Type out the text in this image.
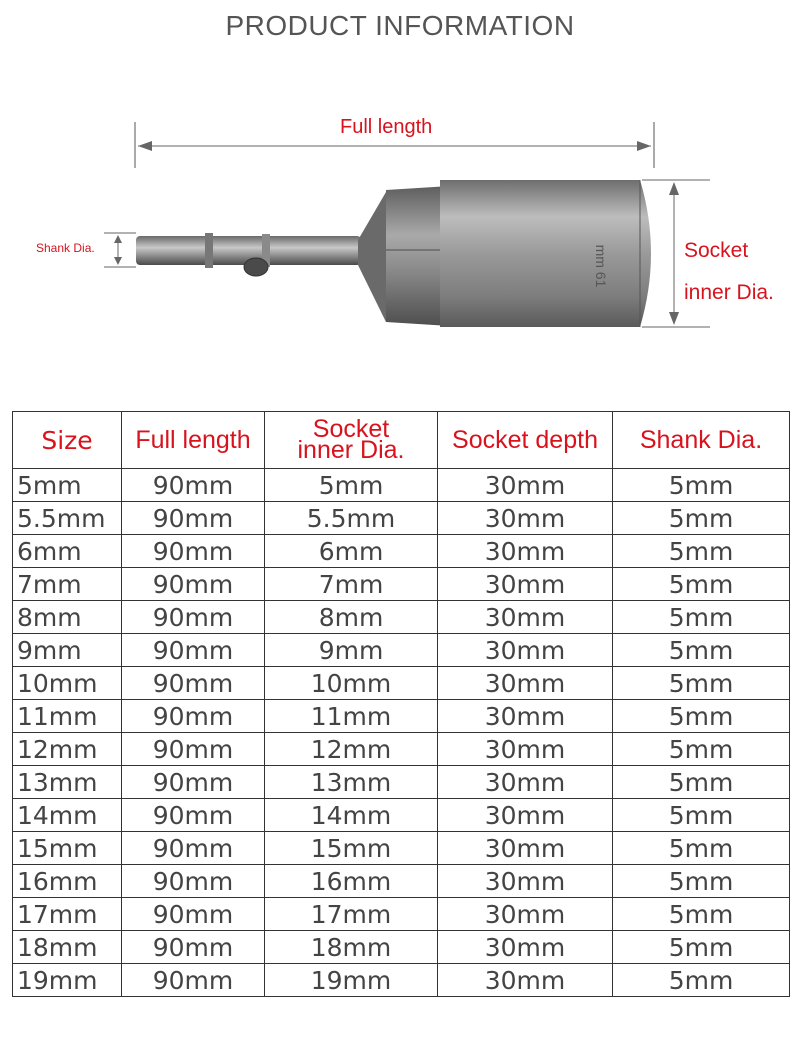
PRODUCT INFORMATION
mm 61
Full length
Shank Dia.	Socket
inner Dia.
Size	Full length	Socket
inner Dia.	Socket depth	Shank Dia.
5mm	90mm	5mm	30mm	5mm
5.5mm	90mm	5.5mm	30mm	5mm
6mm	90mm	6mm	30mm	5mm
7mm	90mm	7mm	30mm	5mm
8mm	90mm	8mm	30mm	5mm
9mm	90mm	9mm	30mm	5mm
10mm	90mm	10mm	30mm	5mm
11mm	90mm	11mm	30mm	5mm
12mm	90mm	12mm	30mm	5mm
13mm	90mm	13mm	30mm	5mm
14mm	90mm	14mm	30mm	5mm
15mm	90mm	15mm	30mm	5mm
16mm	90mm	16mm	30mm	5mm
17mm	90mm	17mm	30mm	5mm
18mm	90mm	18mm	30mm	5mm
19mm	90mm	19mm	30mm	5mm
